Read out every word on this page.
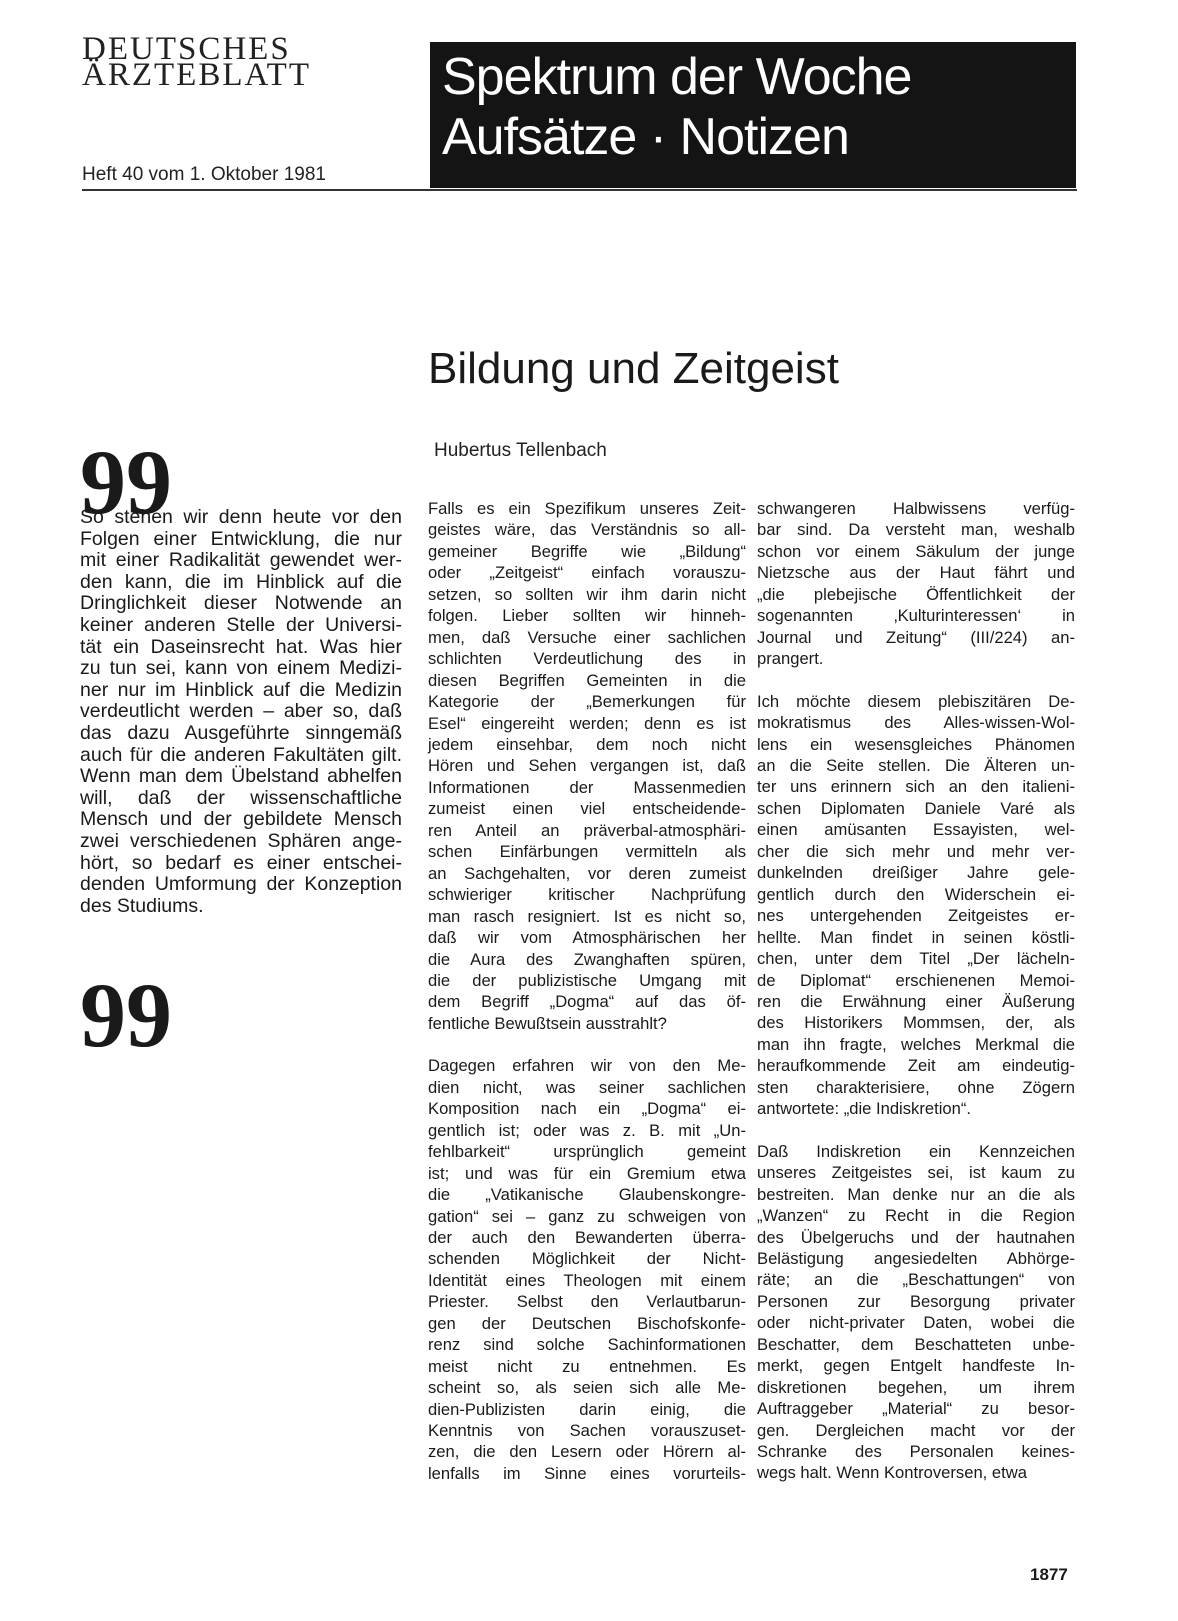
DEUTSCHES
ÄRZTEBLATT
Heft 40 vom 1. Oktober 1981
Spektrum der Woche
Aufsätze · Notizen
Bildung und Zeitgeist
Hubertus Tellenbach
99
So stehen wir denn heute vor den
Folgen einer Entwicklung, die nur
mit einer Radikalität gewendet wer-
den kann, die im Hinblick auf die
Dringlichkeit dieser Notwende an
keiner anderen Stelle der Universi-
tät ein Daseinsrecht hat. Was hier
zu tun sei, kann von einem Medizi-
ner nur im Hinblick auf die Medizin
verdeutlicht werden – aber so, daß
das dazu Ausgeführte sinngemäß
auch für die anderen Fakultäten gilt.
Wenn man dem Übelstand abhelfen
will, daß der wissenschaftliche
Mensch und der gebildete Mensch
zwei verschiedenen Sphären ange-
hört, so bedarf es einer entschei-
denden Umformung der Konzeption
des Studiums.
99

Falls es ein Spezifikum unseres Zeit-
geistes wäre, das Verständnis so all-
gemeiner Begriffe wie „Bildung“
oder „Zeitgeist“ einfach vorauszu-
setzen, so sollten wir ihm darin nicht
folgen. Lieber sollten wir hinneh-
men, daß Versuche einer sachlichen
schlichten Verdeutlichung des in
diesen Begriffen Gemeinten in die
Kategorie der „Bemerkungen für
Esel“ eingereiht werden; denn es ist
jedem einsehbar, dem noch nicht
Hören und Sehen vergangen ist, daß
Informationen der Massenmedien
zumeist einen viel entscheidende-
ren Anteil an präverbal-atmosphäri-
schen Einfärbungen vermitteln als
an Sachgehalten, vor deren zumeist
schwieriger kritischer Nachprüfung
man rasch resigniert. Ist es nicht so,
daß wir vom Atmosphärischen her
die Aura des Zwanghaften spüren,
die der publizistische Umgang mit
dem Begriff „Dogma“ auf das öf-
fentliche Bewußtsein ausstrahlt?

Dagegen erfahren wir von den Me-
dien nicht, was seiner sachlichen
Komposition nach ein „Dogma“ ei-
gentlich ist; oder was z. B. mit „Un-
fehlbarkeit“ ursprünglich gemeint
ist; und was für ein Gremium etwa
die „Vatikanische Glaubenskongre-
gation“ sei – ganz zu schweigen von
der auch den Bewanderten überra-
schenden Möglichkeit der Nicht-
Identität eines Theologen mit einem
Priester. Selbst den Verlautbarun-
gen der Deutschen Bischofskonfe-
renz sind solche Sachinformationen
meist nicht zu entnehmen. Es
scheint so, als seien sich alle Me-
dien-Publizisten darin einig, die
Kenntnis von Sachen vorauszuset-
zen, die den Lesern oder Hörern al-
lenfalls im Sinne eines vorurteils-

schwangeren Halbwissens verfüg-
bar sind. Da versteht man, weshalb
schon vor einem Säkulum der junge
Nietzsche aus der Haut fährt und
„die plebejische Öffentlichkeit der
sogenannten ‚Kulturinteressen‘ in
Journal und Zeitung“ (III/224) an-
prangert.

Ich möchte diesem plebiszitären De-
mokratismus des Alles-wissen-Wol-
lens ein wesensgleiches Phänomen
an die Seite stellen. Die Älteren un-
ter uns erinnern sich an den italieni-
schen Diplomaten Daniele Varé als
einen amüsanten Essayisten, wel-
cher die sich mehr und mehr ver-
dunkelnden dreißiger Jahre gele-
gentlich durch den Widerschein ei-
nes untergehenden Zeitgeistes er-
hellte. Man findet in seinen köstli-
chen, unter dem Titel „Der lächeln-
de Diplomat“ erschienenen Memoi-
ren die Erwähnung einer Äußerung
des Historikers Mommsen, der, als
man ihn fragte, welches Merkmal die
heraufkommende Zeit am eindeutig-
sten charakterisiere, ohne Zögern
antwortete: „die Indiskretion“.

Daß Indiskretion ein Kennzeichen
unseres Zeitgeistes sei, ist kaum zu
bestreiten. Man denke nur an die als
„Wanzen“ zu Recht in die Region
des Übelgeruchs und der hautnahen
Belästigung angesiedelten Abhörge-
räte; an die „Beschattungen“ von
Personen zur Besorgung privater
oder nicht-privater Daten, wobei die
Beschatter, dem Beschatteten unbe-
merkt, gegen Entgelt handfeste In-
diskretionen begehen, um ihrem
Auftraggeber „Material“ zu besor-
gen. Dergleichen macht vor der
Schranke des Personalen keines-
wegs halt. Wenn Kontroversen, etwa

1877
